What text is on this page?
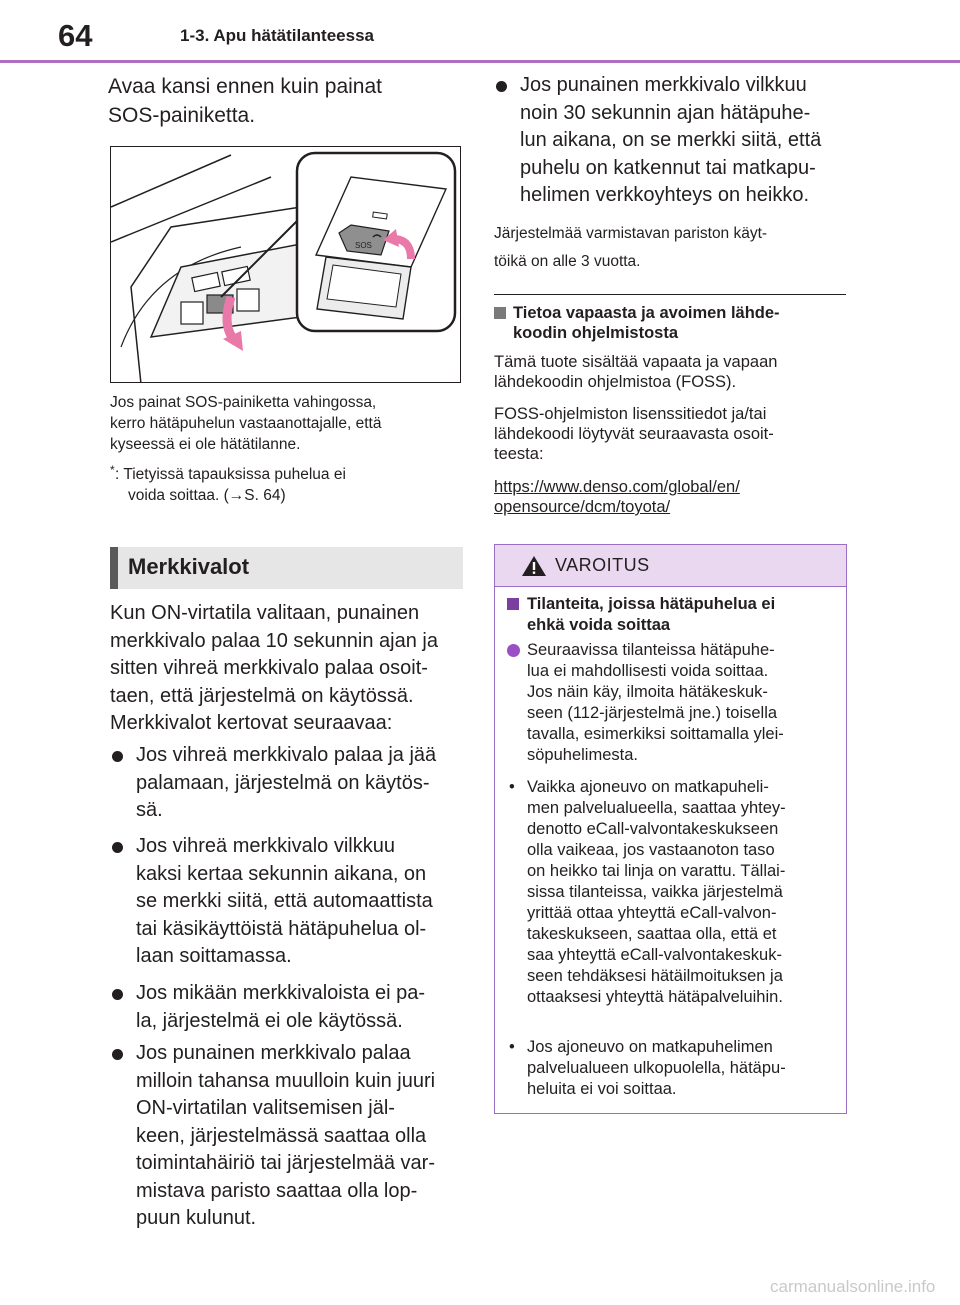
64	1-3. Apu hätätilanteessa
Avaa kansi ennen kuin painat
SOS-painiketta.
SOS
Jos painat SOS-painiketta vahingossa,
kerro hätäpuhelun vastaanottajalle, että
kyseessä ei ole hätätilanne.
* : Tietyissä tapauksissa puhelua ei
voida soittaa. (→S. 64)
Merkkivalot
Kun ON-virtatila valitaan, punainen
merkkivalo palaa 10 sekunnin ajan ja
sitten vihreä merkkivalo palaa osoit-
taen, että järjestelmä on käytössä.
Merkkivalot kertovat seuraavaa:
Jos vihreä merkkivalo palaa ja jää
palamaan, järjestelmä on käytös-
sä.
Jos vihreä merkkivalo vilkkuu
kaksi kertaa sekunnin aikana, on
se merkki siitä, että automaattista
tai käsikäyttöistä hätäpuhelua ol-
laan soittamassa.
Jos mikään merkkivaloista ei pa-
la, järjestelmä ei ole käytössä.
Jos punainen merkkivalo palaa
milloin tahansa muulloin kuin juuri
ON-virtatilan valitsemisen jäl-
keen, järjestelmässä saattaa olla
toimintahäiriö tai järjestelmää var-
mistava paristo saattaa olla lop-
puun kulunut.
Jos punainen merkkivalo vilkkuu
noin 30 sekunnin ajan hätäpuhe-
lun aikana, on se merkki siitä, että
puhelu on katkennut tai matkapu-
helimen verkkoyhteys on heikko.
Järjestelmää varmistavan pariston käyt-
töikä on alle 3 vuotta.
Tietoa vapaasta ja avoimen lähde-
koodin ohjelmistosta
Tämä tuote sisältää vapaata ja vapaan
lähdekoodin ohjelmistoa (FOSS).
FOSS-ohjelmiston lisenssitiedot ja/tai
lähdekoodi löytyvät seuraavasta osoit-
teesta:
https://www.denso.com/global/en/
opensource/dcm/toyota/
VAROITUS
Tilanteita, joissa hätäpuhelua ei
ehkä voida soittaa
Seuraavissa tilanteissa hätäpuhe-
lua ei mahdollisesti voida soittaa.
Jos näin käy, ilmoita hätäkeskuk-
seen (112-järjestelmä jne.) toisella
tavalla, esimerkiksi soittamalla ylei-
söpuhelimesta.
• Vaikka ajoneuvo on matkapuheli-
men palvelualueella, saattaa yhtey-
denotto eCall-valvontakeskukseen
olla vaikeaa, jos vastaanoton taso
on heikko tai linja on varattu. Tällai-
sissa tilanteissa, vaikka järjestelmä
yrittää ottaa yhteyttä eCall-valvon-
takeskukseen, saattaa olla, että et
saa yhteyttä eCall-valvontakeskuk-
seen tehdäksesi hätäilmoituksen ja
ottaaksesi yhteyttä hätäpalveluihin.
• Jos ajoneuvo on matkapuhelimen
palvelualueen ulkopuolella, hätäpu-
heluita ei voi soittaa.
carmanualsonline.info
